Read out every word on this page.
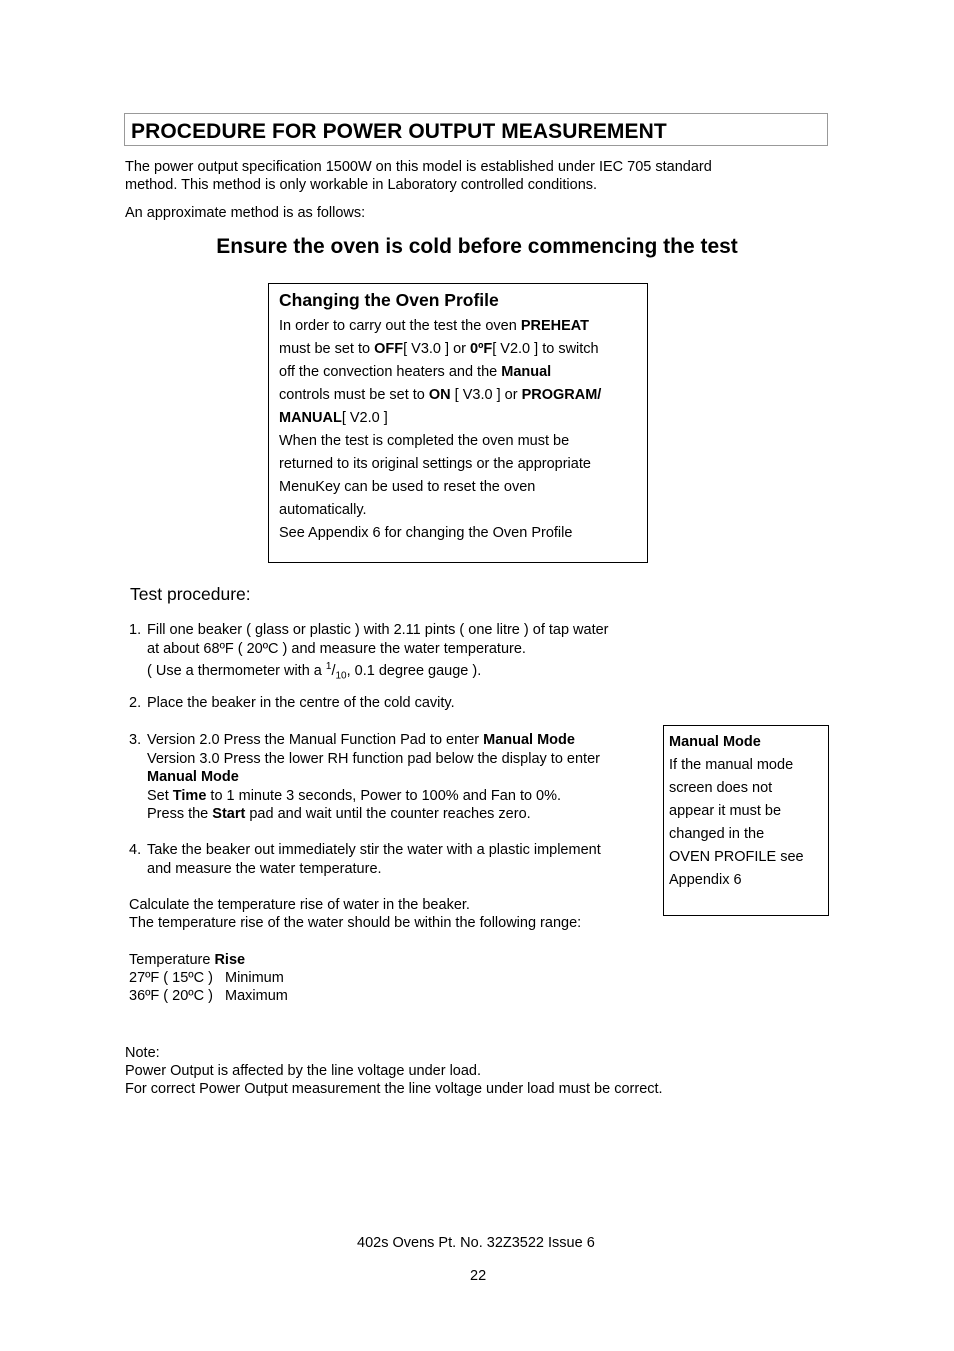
PROCEDURE FOR POWER OUTPUT MEASUREMENT
The power output specification 1500W on this model is established under IEC 705 standard
method. This method is only workable in Laboratory controlled conditions.
An approximate method is as follows:
Ensure the oven is cold before commencing the test
Changing the Oven Profile
In order to carry out the test the oven PREHEAT
must be set to OFF[ V3.0 ] or 0ºF[ V2.0 ] to switch
off the convection heaters and the Manual
controls must be set to ON [ V3.0 ] or PROGRAM/
MANUAL[ V2.0 ]
When the test is completed the oven must be
returned to its original settings or the appropriate
MenuKey can be used to reset the oven
automatically.
See Appendix 6 for changing the Oven Profile
Test procedure:
1. Fill one beaker ( glass or plastic ) with 2.11 pints ( one litre ) of tap water
at about 68ºF ( 20ºC ) and measure the water temperature.
( Use a thermometer with a $^1/_{10}$, 0.1 degree gauge ).
2. Place the beaker in the centre of the cold cavity.
3. Version 2.0 Press the Manual Function Pad to enter Manual Mode
Version 3.0 Press the lower RH function pad below the display to enter
Manual Mode
Set Time to 1 minute 3 seconds, Power to 100% and Fan to 0%.
Press the Start pad and wait until the counter reaches zero.
4. Take the beaker out immediately stir the water with a plastic implement
and measure the water temperature.
Calculate the temperature rise of water in the beaker.
The temperature rise of the water should be within the following range:
Temperature Rise
27ºF ( 15ºC )   Minimum
36ºF ( 20ºC )   Maximum
Manual Mode
If the manual mode
screen does not
appear it must be
changed in the
OVEN PROFILE see
Appendix 6
Note:
Power Output is affected by the line voltage under load.
For correct Power Output measurement the line voltage under load must be correct.
402s Ovens Pt. No. 32Z3522 Issue 6
22
